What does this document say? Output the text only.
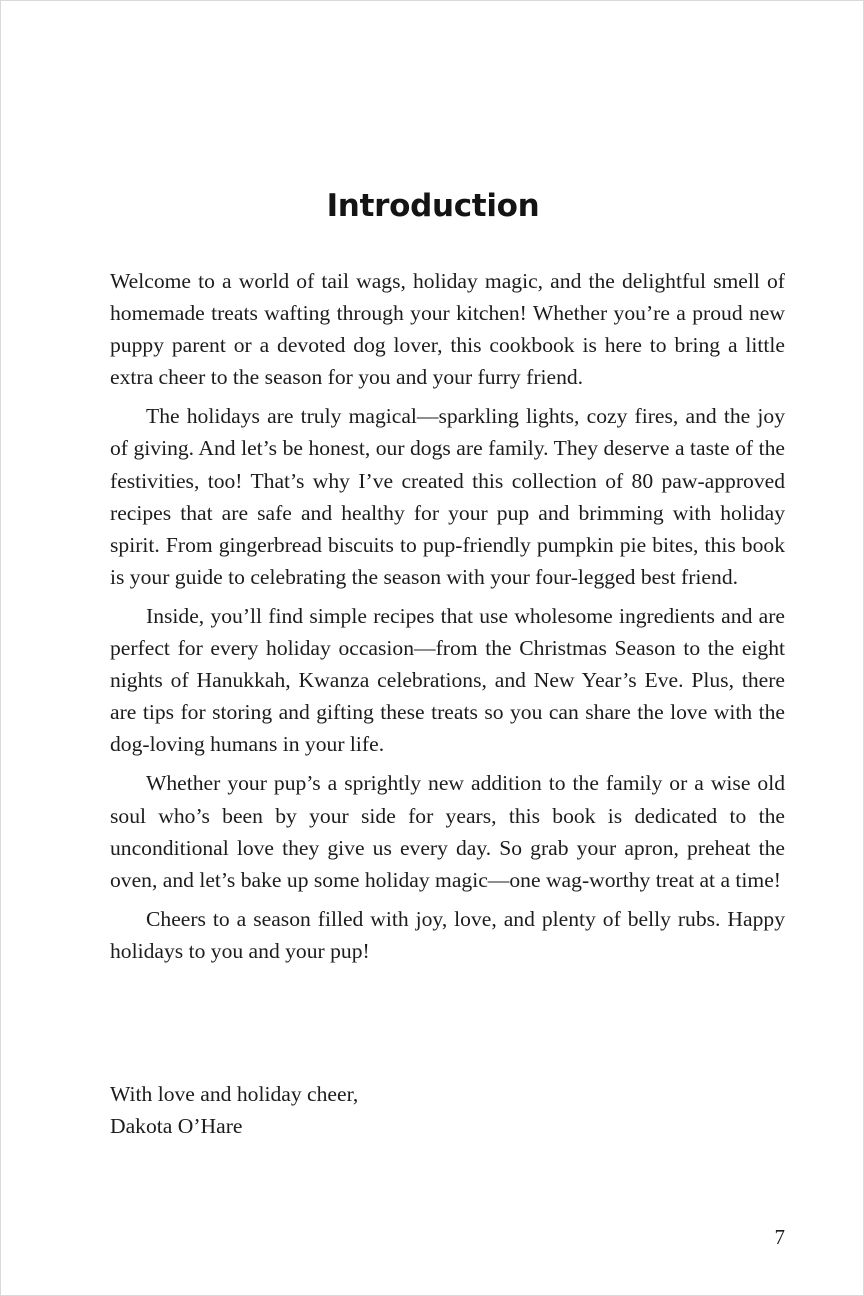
Introduction

Welcome to a world of tail wags, holiday magic, and the delightful smell of homemade treats wafting through your kitchen! Whether you’re a proud new puppy parent or a devoted dog lover, this cookbook is here to bring a little extra cheer to the season for you and your furry friend.

The holidays are truly magical—sparkling lights, cozy fires, and the joy of giving. And let’s be honest, our dogs are family. They deserve a taste of the festivities, too! That’s why I’ve created this collection of 80 paw-approved recipes that are safe and healthy for your pup and brimming with holiday spirit. From gingerbread biscuits to pup-friendly pumpkin pie bites, this book is your guide to celebrating the season with your four-legged best friend.

Inside, you’ll find simple recipes that use wholesome ingredients and are perfect for every holiday occasion—from the Christmas Season to the eight nights of Hanukkah, Kwanza celebrations, and New Year’s Eve. Plus, there are tips for storing and gifting these treats so you can share the love with the dog-loving humans in your life.

Whether your pup’s a sprightly new addition to the family or a wise old soul who’s been by your side for years, this book is dedicated to the unconditional love they give us every day. So grab your apron, preheat the oven, and let’s bake up some holiday magic—one wag-worthy treat at a time!

Cheers to a season filled with joy, love, and plenty of belly rubs. Happy holidays to you and your pup!

With love and holiday cheer,
Dakota O’Hare
7
